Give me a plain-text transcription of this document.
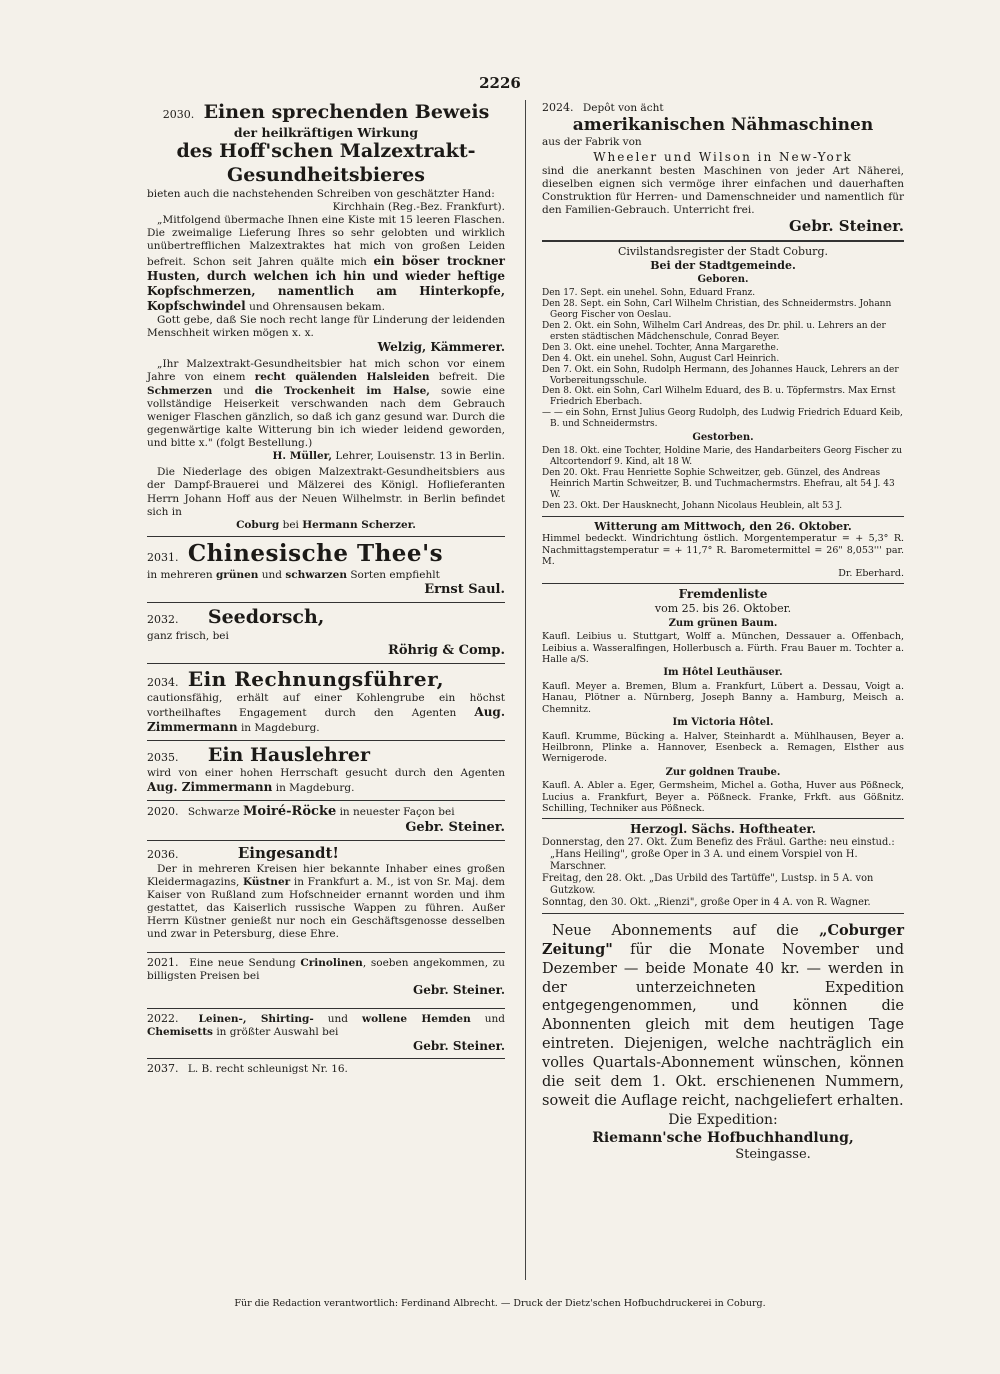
2226
2030. Einen sprechenden Beweis
der heilkräftigen Wirkung
des Hoff'schen Malzextrakt-
Gesundheitsbieres
bieten auch die nachstehenden Schreiben von geschätzter Hand:
Kirchhain (Reg.-Bez. Frankfurt).
„Mitfolgend übermache Ihnen eine Kiste mit 15 leeren Flaschen. Die zweimalige Lieferung Ihres so sehr gelobten und wirklich unübertrefflichen Malzextraktes hat mich von großen Leiden befreit. Schon seit Jahren quälte mich ein böser trockner Husten, durch welchen ich hin und wieder heftige Kopfschmerzen, namentlich am Hinterkopfe, Kopfschwindel und Ohrensausen bekam.
Gott gebe, daß Sie noch recht lange für Linderung der leidenden Menschheit wirken mögen x. x.
Welzig, Kämmerer.
„Ihr Malzextrakt-Gesundheitsbier hat mich schon vor einem Jahre von einem recht quälenden Halsleiden befreit. Die Schmerzen und die Trockenheit im Halse, sowie eine vollständige Heiserkeit verschwanden nach dem Gebrauch weniger Flaschen gänzlich, so daß ich ganz gesund war. Durch die gegenwärtige kalte Witterung bin ich wieder leidend geworden, und bitte x." (folgt Bestellung.)
H. Müller, Lehrer, Louisenstr. 13 in Berlin.
Die Niederlage des obigen Malzextrakt-Gesundheitsbiers aus der Dampf-Brauerei und Mälzerei des Königl. Hoflieferanten Herrn Johann Hoff aus der Neuen Wilhelmstr. in Berlin befindet sich in
Coburg bei Hermann Scherzer.
2031. Chinesische Thee's
in mehreren grünen und schwarzen Sorten empfiehlt
Ernst Saul.
2032. Seedorsch,
ganz frisch, bei
Röhrig & Comp.
2034. Ein Rechnungsführer,
cautionsfähig, erhält auf einer Kohlengrube ein höchst vortheilhaftes Engagement durch den Agenten Aug. Zimmermann in Magdeburg.
2035. Ein Hauslehrer
wird von einer hohen Herrschaft gesucht durch den Agenten Aug. Zimmermann in Magdeburg.
2020. Schwarze Moiré-Röcke in neuester Façon bei
Gebr. Steiner.
2036.	Eingesandt!
Der in mehreren Kreisen hier bekannte Inhaber eines großen Kleidermagazins, Küstner in Frankfurt a. M., ist von Sr. Maj. dem Kaiser von Rußland zum Hofschneider ernannt worden und ihm gestattet, das Kaiserlich russische Wappen zu führen. Außer Herrn Küstner genießt nur noch ein Geschäftsgenosse desselben und zwar in Petersburg, diese Ehre.
2021. Eine neue Sendung Crinolinen, soeben angekommen, zu billigsten Preisen bei
Gebr. Steiner.
2022. Leinen-, Shirting- und wollene Hemden und Chemisetts in größter Auswahl bei
Gebr. Steiner.
2037. L. B. recht schleunigst Nr. 16.
2024. Depôt von ächt
amerikanischen Nähmaschinen
aus der Fabrik von
Wheeler und Wilson in New-York
sind die anerkannt besten Maschinen von jeder Art Näherei, dieselben eignen sich vermöge ihrer einfachen und dauerhaften Construktion für Herren- und Damenschneider und namentlich für den Familien-Gebrauch. Unterricht frei.
Gebr. Steiner.
Civilstandsregister der Stadt Coburg.
Bei der Stadtgemeinde.
Geboren.
Den 17. Sept. ein unehel. Sohn, Eduard Franz.
Den 28. Sept. ein Sohn, Carl Wilhelm Christian, des Schneidermstrs. Johann Georg Fischer von Oeslau.
Den 2. Okt. ein Sohn, Wilhelm Carl Andreas, des Dr. phil. u. Lehrers an der ersten städtischen Mädchenschule, Conrad Beyer.
Den 3. Okt. eine unehel. Tochter, Anna Margarethe.
Den 4. Okt. ein unehel. Sohn, August Carl Heinrich.
Den 7. Okt. ein Sohn, Rudolph Hermann, des Johannes Hauck, Lehrers an der Vorbereitungsschule.
Den 8. Okt. ein Sohn, Carl Wilhelm Eduard, des B. u. Töpfermstrs. Max Ernst Friedrich Eberbach.
— — ein Sohn, Ernst Julius Georg Rudolph, des Ludwig Friedrich Eduard Keib, B. und Schneidermstrs.
Gestorben.
Den 18. Okt. eine Tochter, Holdine Marie, des Handarbeiters Georg Fischer zu Altcortendorf 9. Kind, alt 18 W.
Den 20. Okt. Frau Henriette Sophie Schweitzer, geb. Günzel, des Andreas Heinrich Martin Schweitzer, B. und Tuchmachermstrs. Ehefrau, alt 54 J. 43 W.
Den 23. Okt. Der Hausknecht, Johann Nicolaus Heublein, alt 53 J.
Witterung am Mittwoch, den 26. Oktober.
Himmel bedeckt. Windrichtung östlich. Morgentemperatur = + 5,3° R. Nachmittagstemperatur = + 11,7° R. Barometermittel = 26" 8,053''' par. M.
Dr. Eberhard.
Fremdenliste
vom 25. bis 26. Oktober.
Zum grünen Baum.
Kaufl. Leibius u. Stuttgart, Wolff a. München, Dessauer a. Offenbach, Leibius a. Wasseralfingen, Hollerbusch a. Fürth. Frau Bauer m. Tochter a. Halle a/S.
Im Hôtel Leuthäuser.
Kaufl. Meyer a. Bremen, Blum a. Frankfurt, Lübert a. Dessau, Voigt a. Hanau, Plötner a. Nürnberg, Joseph Banny a. Hamburg, Meisch a. Chemnitz.
Im Victoria Hôtel.
Kaufl. Krumme, Bücking a. Halver, Steinhardt a. Mühlhausen, Beyer a. Heilbronn, Plinke a. Hannover, Esenbeck a. Remagen, Elsther aus Wernigerode.
Zur goldnen Traube.
Kaufl. A. Abler a. Eger, Germsheim, Michel a. Gotha, Huver aus Pößneck, Lucius a. Frankfurt, Beyer a. Pößneck. Franke, Frkft. aus Gößnitz. Schilling, Techniker aus Pößneck.
Herzogl. Sächs. Hoftheater.
Donnerstag, den 27. Okt. Zum Benefiz des Fräul. Garthe: neu einstud.: „Hans Heiling", große Oper in 3 A. und einem Vorspiel von H. Marschner.
Freitag, den 28. Okt. „Das Urbild des Tartüffe", Lustsp. in 5 A. von Gutzkow.
Sonntag, den 30. Okt. „Rienzi", große Oper in 4 A. von R. Wagner.
Neue Abonnements auf die „Coburger Zeitung" für die Monate November und Dezember — beide Monate 40 kr. — werden in der unterzeichneten Expedition entgegengenommen, und können die Abonnenten gleich mit dem heutigen Tage eintreten. Diejenigen, welche nachträglich ein volles Quartals-Abonnement wünschen, können die seit dem 1. Okt. erschienenen Nummern, soweit die Auflage reicht, nachgeliefert erhalten.
Die Expedition:
Riemann'sche Hofbuchhandlung,
Steingasse.
Für die Redaction verantwortlich: Ferdinand Albrecht. — Druck der Dietz'schen Hofbuchdruckerei in Coburg.
